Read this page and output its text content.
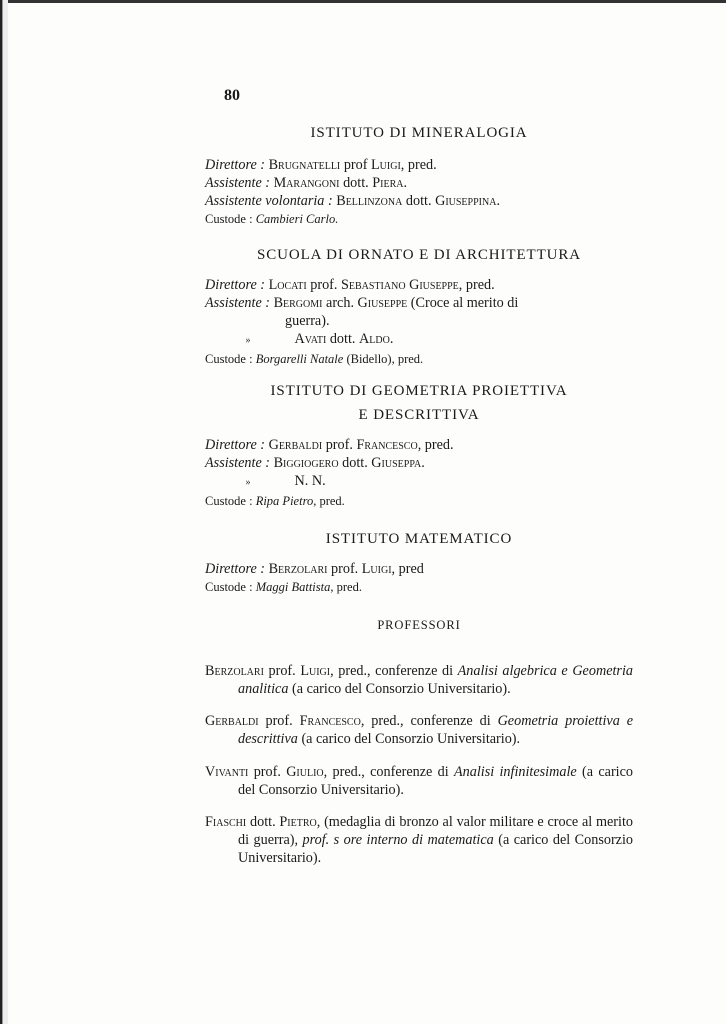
80

ISTITUTO DI MINERALOGIA

Direttore : Brugnatelli prof Luigi, pred.

Assistente : Marangoni dott. Piera.

Assistente volontaria : Bellinzona dott. Giuseppina.

Custode : Cambieri Carlo.

SCUOLA DI ORNATO E DI ARCHITETTURA

Direttore : Locati prof. Sebastiano Giuseppe, pred.

Assistente : Bergomi arch. Giuseppe (Croce al merito di

guerra).

»	Avati dott. Aldo.

Custode : Borgarelli Natale (Bidello), pred.

ISTITUTO DI GEOMETRIA PROIETTIVA

E DESCRITTIVA

Direttore : Gerbaldi prof. Francesco, pred.

Assistente : Biggiogero dott. Giuseppa.

»	N. N.

Custode : Ripa Pietro, pred.

ISTITUTO MATEMATICO

Direttore : Berzolari prof. Luigi, pred

Custode : Maggi Battista, pred.

PROFESSORI

Berzolari prof. Luigi, pred., conferenze di Analisi algebrica e Geometria analitica (a carico del Consorzio Universitario).

Gerbaldi prof. Francesco, pred., conferenze di Geometria proiettiva e descrittiva (a carico del Consorzio Universitario).

Vivanti prof. Giulio, pred., conferenze di Analisi infinitesimale (a carico del Consorzio Universitario).

Fiaschi dott. Pietro, (medaglia di bronzo al valor militare e croce al merito di guerra), prof. s ore interno di matematica (a carico del Consorzio Universitario).
